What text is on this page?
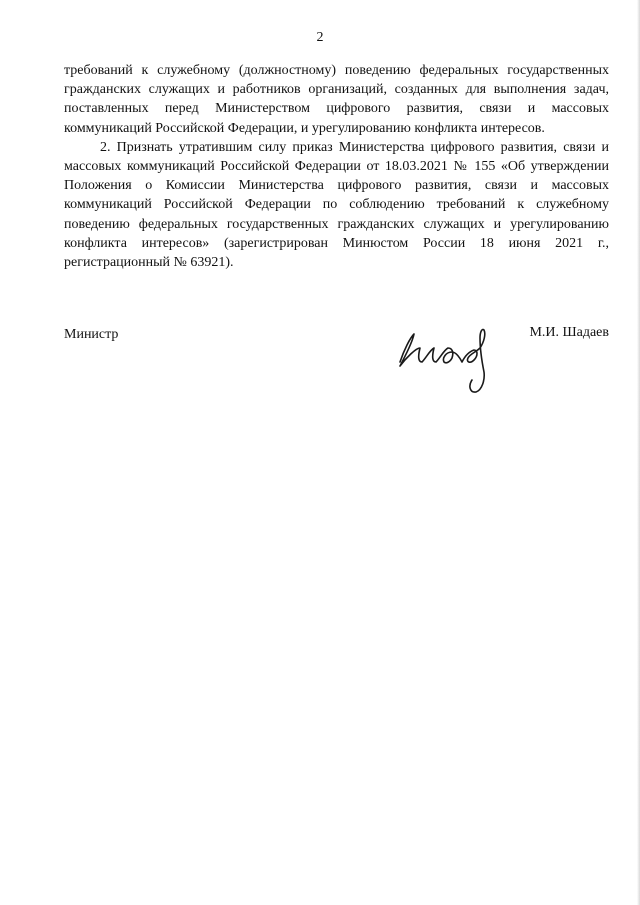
2

требований к служебному (должностному) поведению федеральных государственных гражданских служащих и работников организаций, созданных для выполнения задач, поставленных перед Министерством цифрового развития, связи и массовых коммуникаций Российской Федерации, и урегулированию конфликта интересов.

2. Признать утратившим силу приказ Министерства цифрового развития, связи и массовых коммуникаций Российской Федерации от 18.03.2021 № 155 «Об утверждении Положения о Комиссии Министерства цифрового развития, связи и массовых коммуникаций Российской Федерации по соблюдению требований к служебному поведению федеральных государственных гражданских служащих и урегулированию конфликта интересов» (зарегистрирован Минюстом России 18 июня 2021 г., регистрационный № 63921).

Министр	М.И. Шадаев
